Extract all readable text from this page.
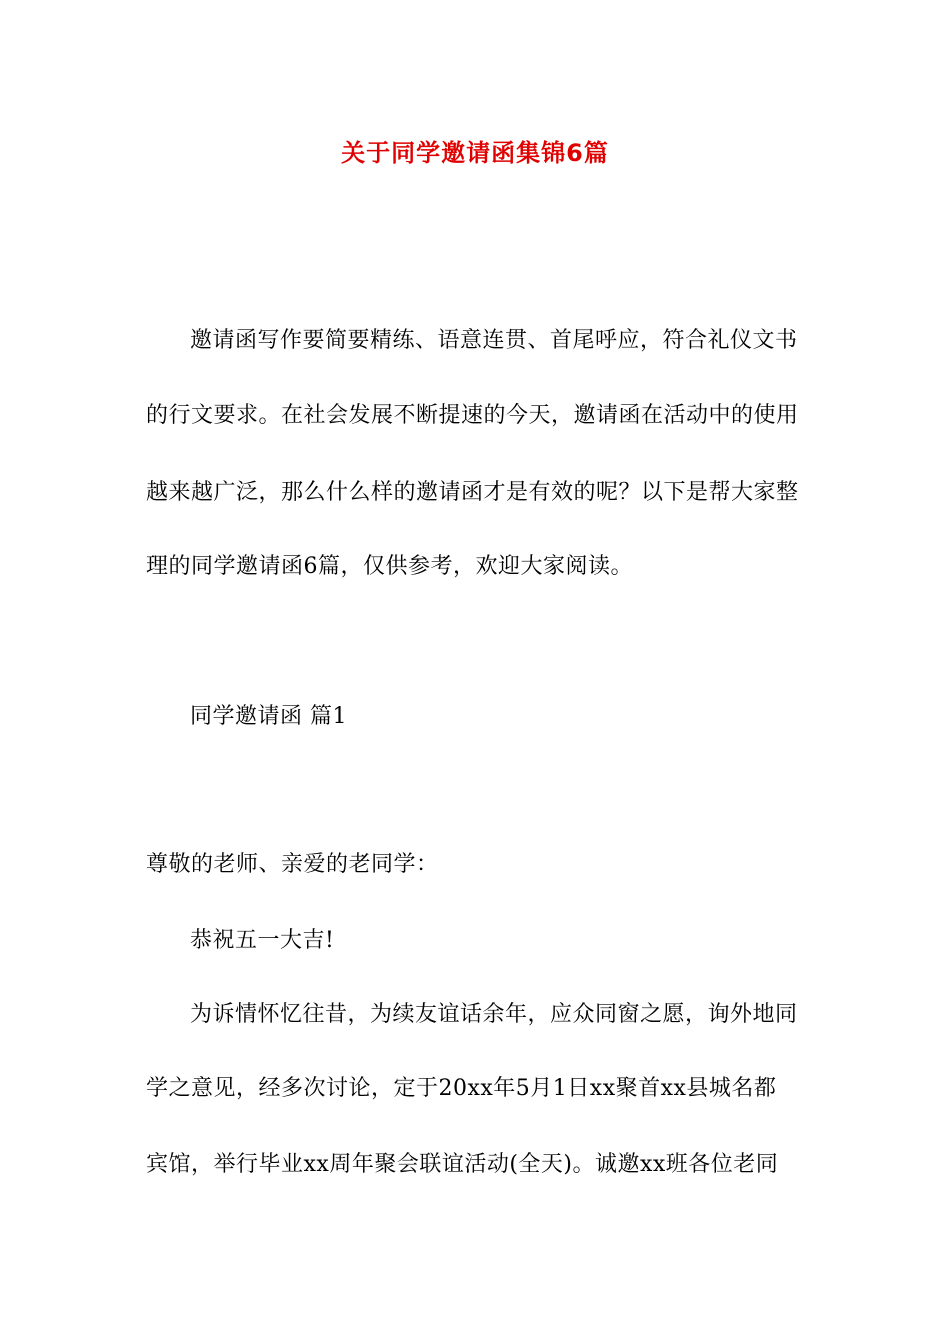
关于同学邀请函集锦6篇
邀请函写作要简要精练、语意连贯、首尾呼应，符合礼仪文书
的行文要求。在社会发展不断提速的今天，邀请函在活动中的使用
越来越广泛，那么什么样的邀请函才是有效的呢？以下是帮大家整
理的同学邀请函6篇，仅供参考，欢迎大家阅读。
同学邀请函 篇1
尊敬的老师、亲爱的老同学：
恭祝五一大吉!
为诉情怀忆往昔，为续友谊话余年，应众同窗之愿，询外地同
学之意见，经多次讨论，定于20xx年5月1日xx聚首xx县城名都
宾馆，举行毕业xx周年聚会联谊活动(全天)。诚邀xx班各位老同
